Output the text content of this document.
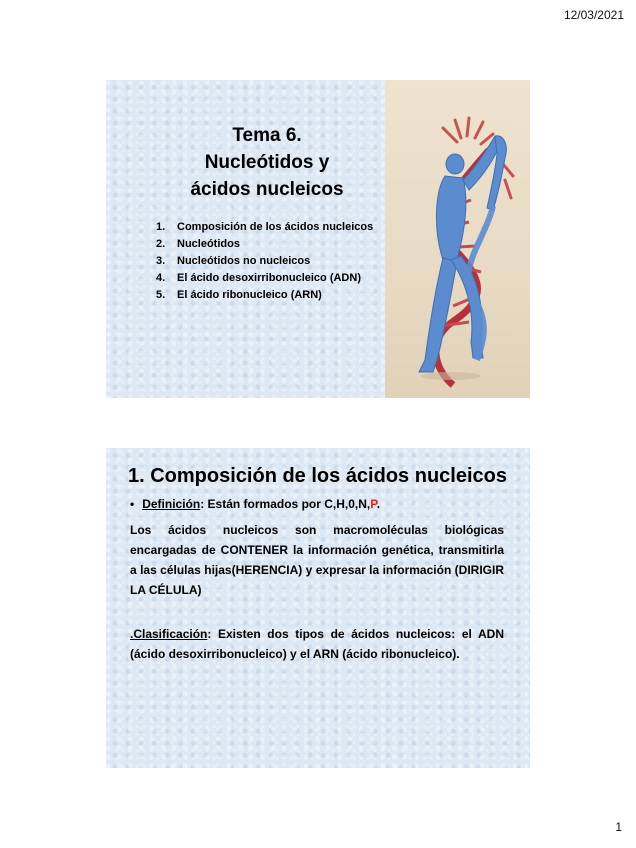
12/03/2021
Tema 6.
Nucleótidos y
ácidos nucleicos
1. Composición de los ácidos nucleicos
2. Nucleótidos
3. Nucleótidos no nucleicos
4. El ácido desoxirribonucleico (ADN)
5. El ácido ribonucleico (ARN)
1. Composición de los ácidos nucleicos
• Definición: Están formados por C,H,0,N,P.
Los ácidos nucleicos son macromoléculas biológicas encargadas de CONTENER la información genética, transmitirla a las células hijas(HERENCIA) y expresar la información (DIRIGIR LA CÉLULA)
.Clasificación: Existen dos tipos de ácidos nucleicos: el ADN (ácido desoxirribonucleico) y el ARN (ácido ribonucleico).
1
